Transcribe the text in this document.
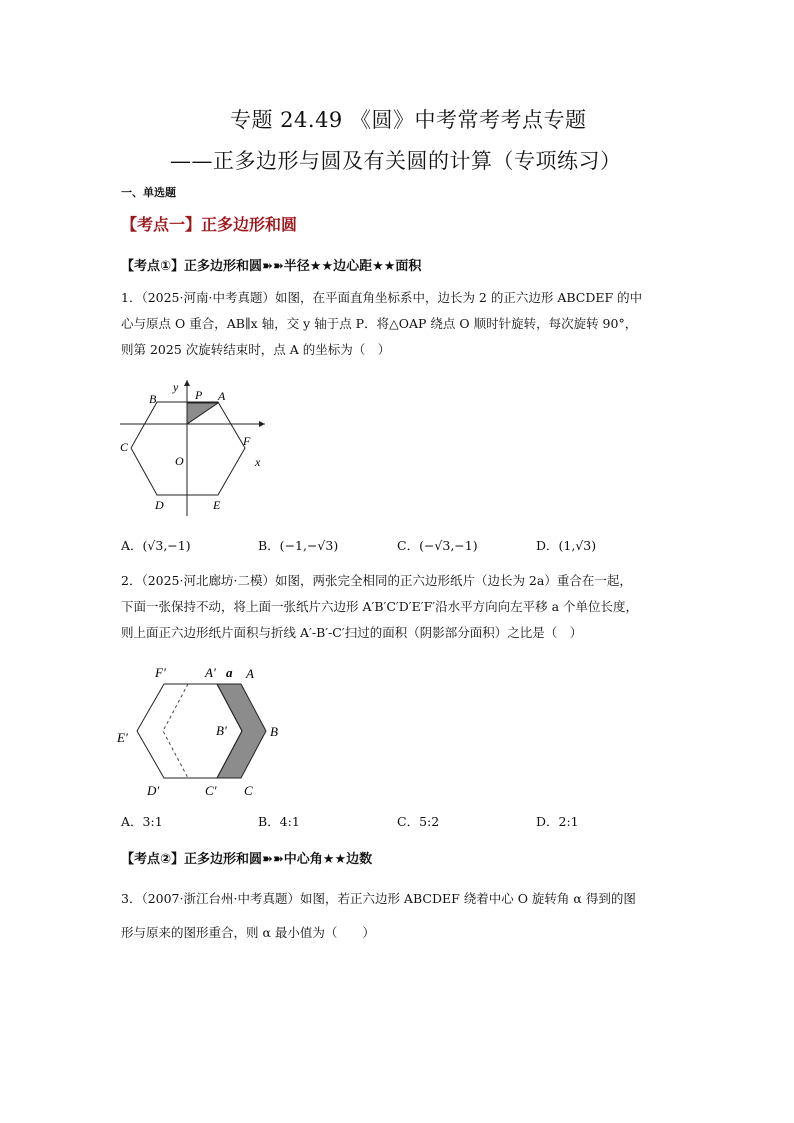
专题 24.49 《圆》中考常考考点专题
——正多边形与圆及有关圆的计算（专项练习）
一、单选题
【考点一】正多边形和圆
【考点①】正多边形和圆➽➽半径★★边心距★★面积
1．（2025·河南·中考真题）如图，在平面直角坐标系中，边长为 2 的正六边形 ABCDEF 的中
心与原点 O 重合，AB∥x 轴，交 y 轴于点 P．将△OAP 绕点 O 顺时针旋转，每次旋转 90°，
则第 2025 次旋转结束时，点 A 的坐标为（　）
y
P A
B
C	F
O	x
D	E
A．(√3,−1)	B．(−1,−√3)	C．(−√3,−1)	D．(1,√3)
2．（2025·河北廊坊·二模）如图，两张完全相同的正六边形纸片（边长为 2a）重合在一起，
下面一张保持不动，将上面一张纸片六边形 A′B′C′D′E′F′沿水平方向向左平移 a 个单位长度，
则上面正六边形纸片面积与折线 A′-B′-C′扫过的面积（阴影部分面积）之比是（　）
F′	A′ a A
B′	B
E′
D′	C′ C
A．3:1	B．4:1	C．5:2	D．2:1
【考点②】正多边形和圆➽➽中心角★★边数
3．（2007·浙江台州·中考真题）如图，若正六边形 ABCDEF 绕着中心 O 旋转角 α 得到的图
形与原来的图形重合，则 α 最小值为（　　）
